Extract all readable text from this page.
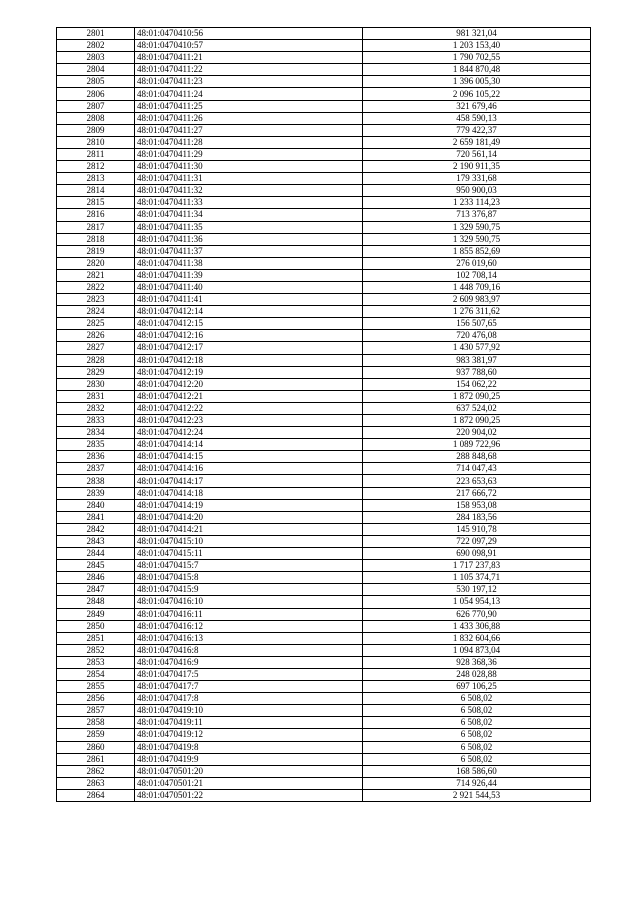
2801	48:01:0470410:56	981 321,04
2802	48:01:0470410:57	1 203 153,40
2803	48:01:0470411:21	1 790 702,55
2804	48:01:0470411:22	1 844 870,48
2805	48:01:0470411:23	1 396 005,30
2806	48:01:0470411:24	2 096 105,22
2807	48:01:0470411:25	321 679,46
2808	48:01:0470411:26	458 590,13
2809	48:01:0470411:27	779 422,37
2810	48:01:0470411:28	2 659 181,49
2811	48:01:0470411:29	720 561,14
2812	48:01:0470411:30	2 190 911,35
2813	48:01:0470411:31	179 331,68
2814	48:01:0470411:32	950 900,03
2815	48:01:0470411:33	1 233 114,23
2816	48:01:0470411:34	713 376,87
2817	48:01:0470411:35	1 329 590,75
2818	48:01:0470411:36	1 329 590,75
2819	48:01:0470411:37	1 855 852,69
2820	48:01:0470411:38	276 019,60
2821	48:01:0470411:39	102 708,14
2822	48:01:0470411:40	1 448 709,16
2823	48:01:0470411:41	2 609 983,97
2824	48:01:0470412:14	1 276 311,62
2825	48:01:0470412:15	156 507,65
2826	48:01:0470412:16	720 476,08
2827	48:01:0470412:17	1 430 577,92
2828	48:01:0470412:18	983 381,97
2829	48:01:0470412:19	937 788,60
2830	48:01:0470412:20	154 062,22
2831	48:01:0470412:21	1 872 090,25
2832	48:01:0470412:22	637 524,02
2833	48:01:0470412:23	1 872 090,25
2834	48:01:0470412:24	220 904,02
2835	48:01:0470414:14	1 089 722,96
2836	48:01:0470414:15	288 848,68
2837	48:01:0470414:16	714 047,43
2838	48:01:0470414:17	223 653,63
2839	48:01:0470414:18	217 666,72
2840	48:01:0470414:19	158 953,08
2841	48:01:0470414:20	284 183,56
2842	48:01:0470414:21	145 910,78
2843	48:01:0470415:10	722 097,29
2844	48:01:0470415:11	690 098,91
2845	48:01:0470415:7	1 717 237,83
2846	48:01:0470415:8	1 105 374,71
2847	48:01:0470415:9	530 197,12
2848	48:01:0470416:10	1 054 954,13
2849	48:01:0470416:11	626 770,90
2850	48:01:0470416:12	1 433 306,88
2851	48:01:0470416:13	1 832 604,66
2852	48:01:0470416:8	1 094 873,04
2853	48:01:0470416:9	928 368,36
2854	48:01:0470417:5	248 028,88
2855	48:01:0470417:7	697 106,25
2856	48:01:0470417:8	6 508,02
2857	48:01:0470419:10	6 508,02
2858	48:01:0470419:11	6 508,02
2859	48:01:0470419:12	6 508,02
2860	48:01:0470419:8	6 508,02
2861	48:01:0470419:9	6 508,02
2862	48:01:0470501:20	168 586,60
2863	48:01:0470501:21	714 926,44
2864	48:01:0470501:22	2 921 544,53
